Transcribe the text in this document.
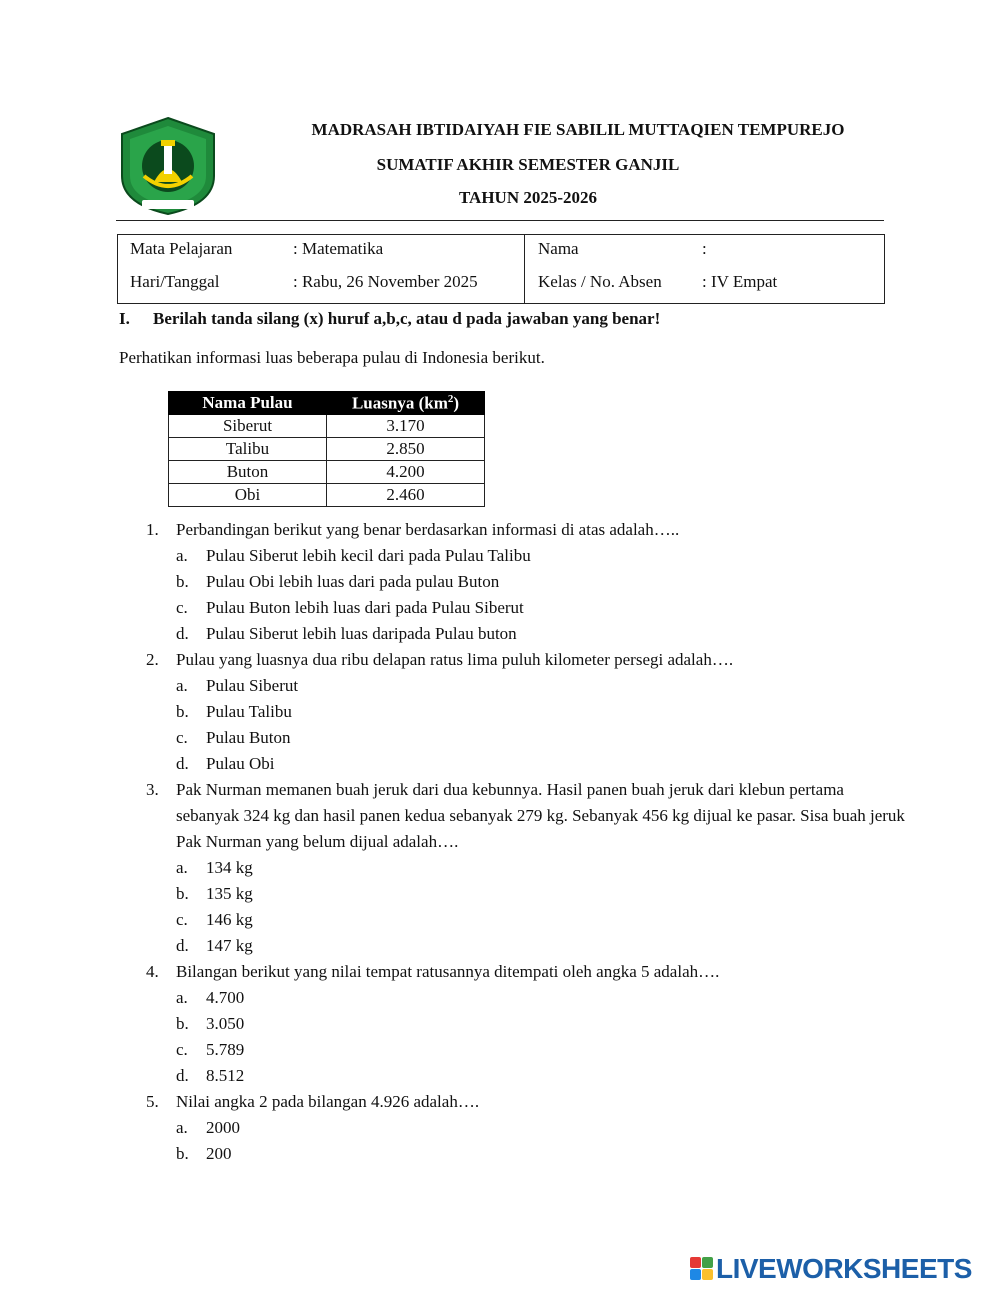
MADRASAH IBTIDAIYAH FIE SABILIL MUTTAQIEN TEMPUREJO
SUMATIF AKHIR SEMESTER GANJIL
TAHUN 2025-2026
Mata Pelajaran	: Matematika
Hari/Tanggal	: Rabu, 26 November 2025
Nama	:
Kelas / No. Absen : IV Empat
I. Berilah tanda silang (x) huruf a,b,c, atau d pada jawaban yang benar!
Perhatikan informasi luas beberapa pulau di Indonesia berikut.
Nama Pulau	Luasnya $(km^2)$
Siberut	3.170
Talibu	2.850
Buton	4.200
Obi	2.460
1. Perbandingan berikut yang benar berdasarkan informasi di atas adalah…..
a. Pulau Siberut lebih kecil dari pada Pulau Talibu
b. Pulau Obi lebih luas dari pada pulau Buton
c. Pulau Buton lebih luas dari pada Pulau Siberut
d. Pulau Siberut lebih luas daripada Pulau buton
2. Pulau yang luasnya dua ribu delapan ratus lima puluh kilometer persegi adalah….
a. Pulau Siberut
b. Pulau Talibu
c. Pulau Buton
d. Pulau Obi
3. Pak Nurman memanen buah jeruk dari dua kebunnya. Hasil panen buah jeruk dari klebun pertama sebanyak 324 kg dan hasil panen kedua sebanyak 279 kg. Sebanyak 456 kg dijual ke pasar. Sisa buah jeruk Pak Nurman yang belum dijual adalah….
a. 134 kg
b. 135 kg
c. 146 kg
d. 147 kg
4. Bilangan berikut yang nilai tempat ratusannya ditempati oleh angka 5 adalah….
a. 4.700
b. 3.050
c. 5.789
d. 8.512
5. Nilai angka 2 pada bilangan 4.926 adalah….
a. 2000
b. 200
LIVEWORKSHEETS
